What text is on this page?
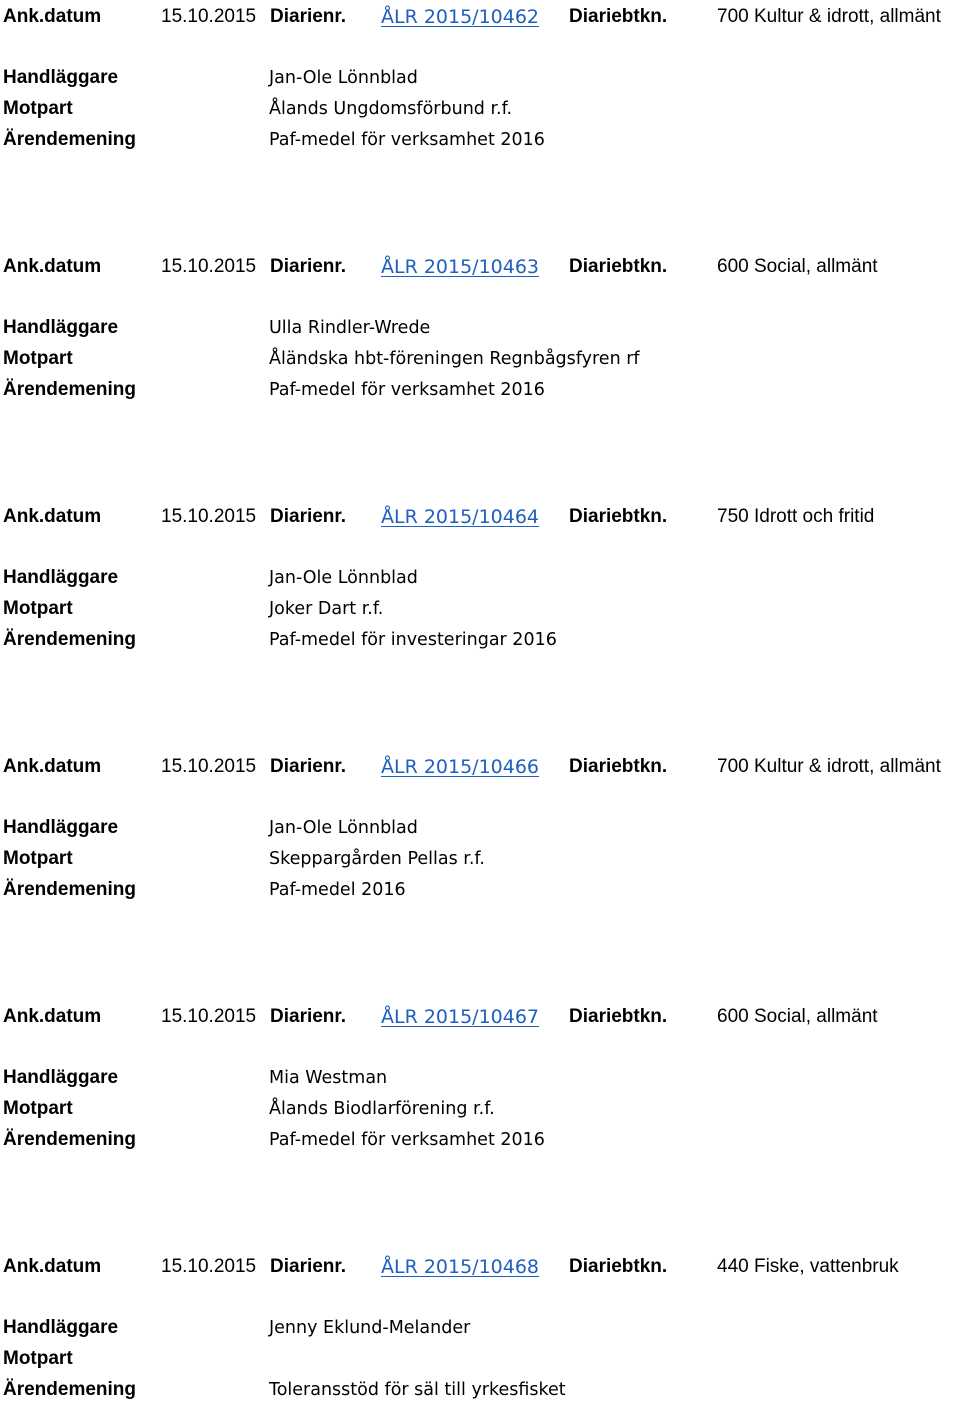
Ank.datum	15.10.2015 Diarienr. ÅLR 2015/10462 Diariebtkn.	700 Kultur & idrott, allmänt
Handläggare	Jan-Ole Lönnblad
Motpart	Ålands Ungdomsförbund r.f.
Ärendemening	Paf-medel för verksamhet 2016
Ank.datum	15.10.2015 Diarienr. ÅLR 2015/10463 Diariebtkn.	600 Social, allmänt
Handläggare	Ulla Rindler-Wrede
Motpart	Åländska hbt-föreningen Regnbågsfyren rf
Ärendemening	Paf-medel för verksamhet 2016
Ank.datum	15.10.2015 Diarienr. ÅLR 2015/10464 Diariebtkn.	750 Idrott och fritid
Handläggare	Jan-Ole Lönnblad
Motpart	Joker Dart r.f.
Ärendemening	Paf-medel för investeringar 2016
Ank.datum	15.10.2015 Diarienr. ÅLR 2015/10466 Diariebtkn.	700 Kultur & idrott, allmänt
Handläggare	Jan-Ole Lönnblad
Motpart	Skeppargården Pellas r.f.
Ärendemening	Paf-medel 2016
Ank.datum	15.10.2015 Diarienr. ÅLR 2015/10467 Diariebtkn.	600 Social, allmänt
Handläggare	Mia Westman
Motpart	Ålands Biodlarförening r.f.
Ärendemening	Paf-medel för verksamhet 2016
Ank.datum	15.10.2015 Diarienr. ÅLR 2015/10468 Diariebtkn.	440 Fiske, vattenbruk
Handläggare	Jenny Eklund-Melander
Motpart
Ärendemening	Toleransstöd för säl till yrkesfisket
